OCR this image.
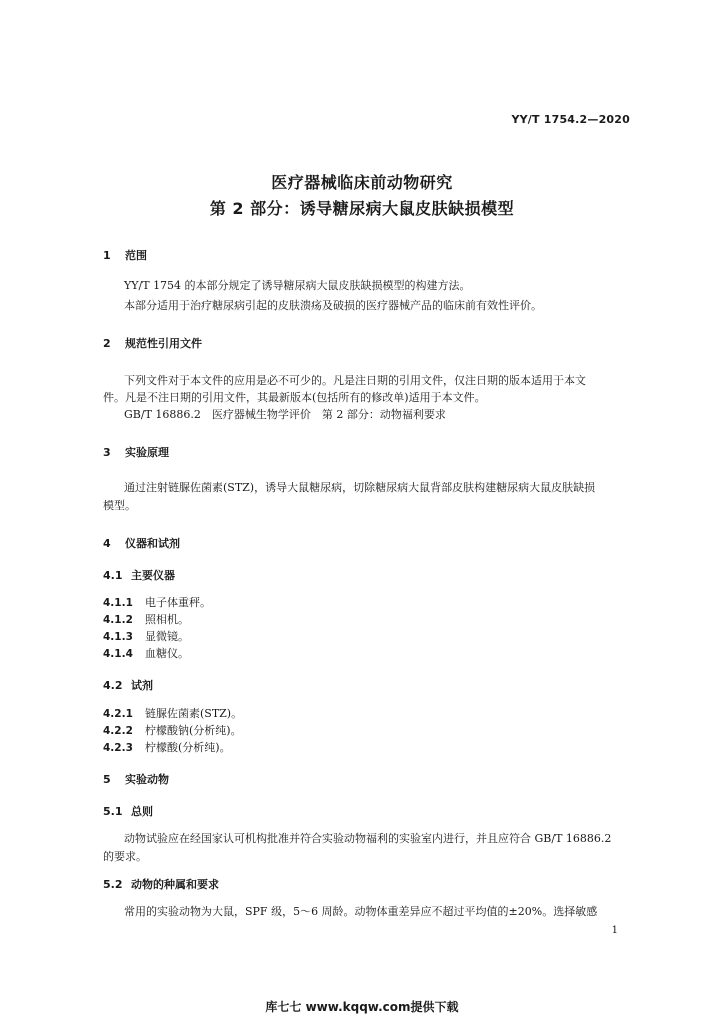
YY/T 1754.2—2020
医疗器械临床前动物研究
第 2 部分：诱导糖尿病大鼠皮肤缺损模型
1 范围
YY/T 1754 的本部分规定了诱导糖尿病大鼠皮肤缺损模型的构建方法。
本部分适用于治疗糖尿病引起的皮肤溃疡及破损的医疗器械产品的临床前有效性评价。
2 规范性引用文件
下列文件对于本文件的应用是必不可少的。凡是注日期的引用文件，仅注日期的版本适用于本文
件。凡是不注日期的引用文件，其最新版本(包括所有的修改单)适用于本文件。
GB/T 16886.2　医疗器械生物学评价　第 2 部分：动物福利要求
3 实验原理
通过注射链脲佐菌素(STZ)，诱导大鼠糖尿病，切除糖尿病大鼠背部皮肤构建糖尿病大鼠皮肤缺损
模型。
4 仪器和试剂
4.1 主要仪器
4.1.1 电子体重秤。
4.1.2 照相机。
4.1.3 显微镜。
4.1.4 血糖仪。
4.2 试剂
4.2.1 链脲佐菌素(STZ)。
4.2.2 柠檬酸钠(分析纯)。
4.2.3 柠檬酸(分析纯)。
5 实验动物
5.1 总则
动物试验应在经国家认可机构批准并符合实验动物福利的实验室内进行，并且应符合 GB/T 16886.2
的要求。
5.2 动物的种属和要求
常用的实验动物为大鼠，SPF 级，5～6 周龄。动物体重差异应不超过平均值的±20%。选择敏感
1
库七七 www.kqqw.com提供下载
